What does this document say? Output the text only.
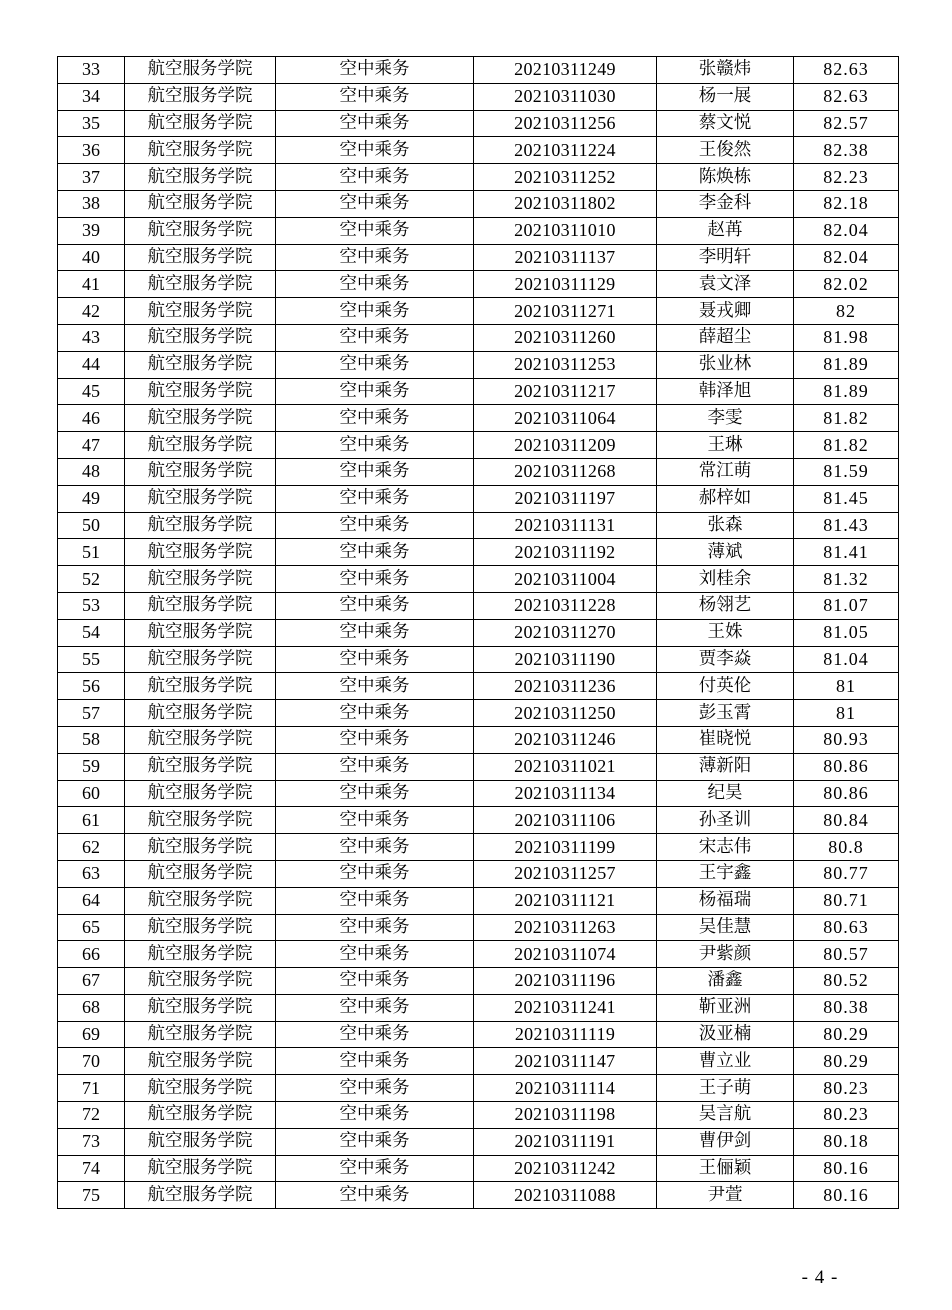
33	航空服务学院	空中乘务	20210311249	张赣炜	82.63
34	航空服务学院	空中乘务	20210311030	杨一展	82.63
35	航空服务学院	空中乘务	20210311256	蔡文悦	82.57
36	航空服务学院	空中乘务	20210311224	王俊然	82.38
37	航空服务学院	空中乘务	20210311252	陈焕栋	82.23
38	航空服务学院	空中乘务	20210311802	李金科	82.18
39	航空服务学院	空中乘务	20210311010	赵苒	82.04
40	航空服务学院	空中乘务	20210311137	李明轩	82.04
41	航空服务学院	空中乘务	20210311129	袁文泽	82.02
42	航空服务学院	空中乘务	20210311271	聂戎卿	82
43	航空服务学院	空中乘务	20210311260	薛超尘	81.98
44	航空服务学院	空中乘务	20210311253	张业林	81.89
45	航空服务学院	空中乘务	20210311217	韩泽旭	81.89
46	航空服务学院	空中乘务	20210311064	李雯	81.82
47	航空服务学院	空中乘务	20210311209	王琳	81.82
48	航空服务学院	空中乘务	20210311268	常江萌	81.59
49	航空服务学院	空中乘务	20210311197	郝梓如	81.45
50	航空服务学院	空中乘务	20210311131	张森	81.43
51	航空服务学院	空中乘务	20210311192	薄斌	81.41
52	航空服务学院	空中乘务	20210311004	刘桂余	81.32
53	航空服务学院	空中乘务	20210311228	杨翎艺	81.07
54	航空服务学院	空中乘务	20210311270	王姝	81.05
55	航空服务学院	空中乘务	20210311190	贾李焱	81.04
56	航空服务学院	空中乘务	20210311236	付英伦	81
57	航空服务学院	空中乘务	20210311250	彭玉霄	81
58	航空服务学院	空中乘务	20210311246	崔晓悦	80.93
59	航空服务学院	空中乘务	20210311021	薄新阳	80.86
60	航空服务学院	空中乘务	20210311134	纪昊	80.86
61	航空服务学院	空中乘务	20210311106	孙圣训	80.84
62	航空服务学院	空中乘务	20210311199	宋志伟	80.8
63	航空服务学院	空中乘务	20210311257	王宇鑫	80.77
64	航空服务学院	空中乘务	20210311121	杨福瑞	80.71
65	航空服务学院	空中乘务	20210311263	吴佳慧	80.63
66	航空服务学院	空中乘务	20210311074	尹紫颜	80.57
67	航空服务学院	空中乘务	20210311196	潘鑫	80.52
68	航空服务学院	空中乘务	20210311241	靳亚洲	80.38
69	航空服务学院	空中乘务	20210311119	汲亚楠	80.29
70	航空服务学院	空中乘务	20210311147	曹立业	80.29
71	航空服务学院	空中乘务	20210311114	王子萌	80.23
72	航空服务学院	空中乘务	20210311198	吴言航	80.23
73	航空服务学院	空中乘务	20210311191	曹伊剑	80.18
74	航空服务学院	空中乘务	20210311242	王俪颖	80.16
75	航空服务学院	空中乘务	20210311088	尹萱	80.16
- 4 -
